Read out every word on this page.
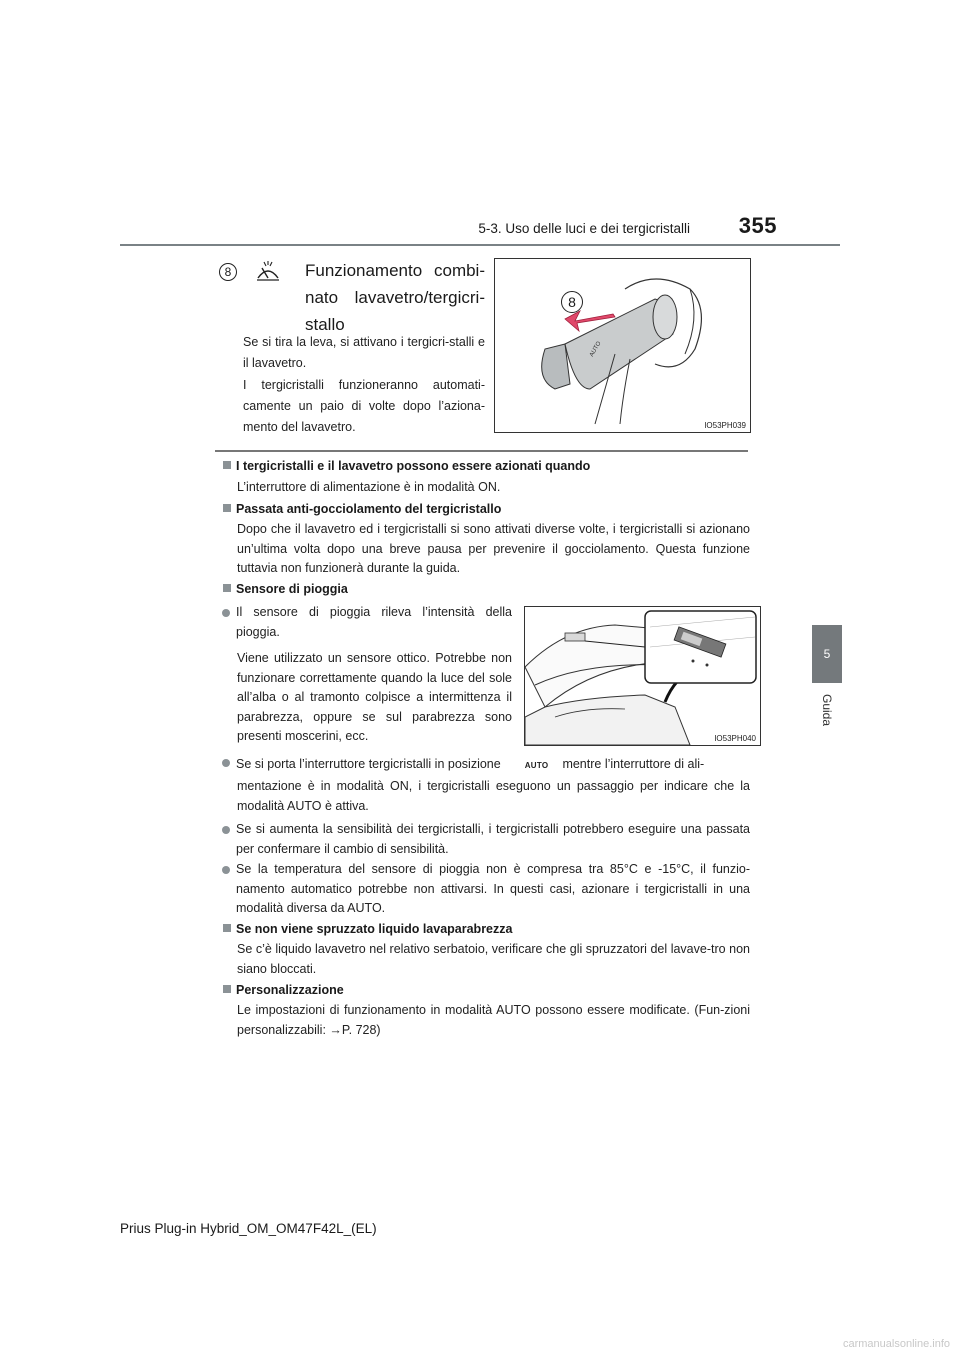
5-3. Uso delle luci e dei tergicristalli 355
5
Guida
8	Funzionamento combi-
nato lavavetro/tergicri-
stallo
Se si tira la leva, si attivano i tergicri-stalli e il lavavetro.
I tergicristalli funzioneranno automati-camente un paio di volte dopo l’aziona-mento del lavavetro.
AUTO
8
IO53PH039
I tergicristalli e il lavavetro possono essere azionati quando
L’interruttore di alimentazione è in modalità ON.
Passata anti-gocciolamento del tergicristallo
Dopo che il lavavetro ed i tergicristalli si sono attivati diverse volte, i tergicristalli si azionano un’ultima volta dopo una breve pausa per prevenire il gocciolamento. Questa funzione tuttavia non funzionerà durante la guida.
Sensore di pioggia
Il sensore di pioggia rileva l’intensità della pioggia.
Viene utilizzato un sensore ottico. Potrebbe non funzionare correttamente quando la luce del sole all’alba o al tramonto colpisce a intermittenza il parabrezza, oppure se sul parabrezza sono presenti moscerini, ecc.	IO53PH040
Se si porta l’interruttore tergicristalli in posizione	AUTO mentre l’interruttore di ali-
mentazione è in modalità ON, i tergicristalli eseguono un passaggio per indicare che la modalità AUTO è attiva.
Se si aumenta la sensibilità dei tergicristalli, i tergicristalli potrebbero eseguire una passata per confermare il cambio di sensibilità.
Se la temperatura del sensore di pioggia non è compresa tra 85°C e -15°C, il funzio-namento automatico potrebbe non attivarsi. In questi casi, azionare i tergicristalli in una modalità diversa da AUTO.
Se non viene spruzzato liquido lavaparabrezza
Se c’è liquido lavavetro nel relativo serbatoio, verificare che gli spruzzatori del lavave-tro non siano bloccati.
Personalizzazione
Le impostazioni di funzionamento in modalità AUTO possono essere modificate. (Fun-zioni personalizzabili: →P. 728)
Prius Plug-in Hybrid_OM_OM47F42L_(EL)
carmanualsonline.info
